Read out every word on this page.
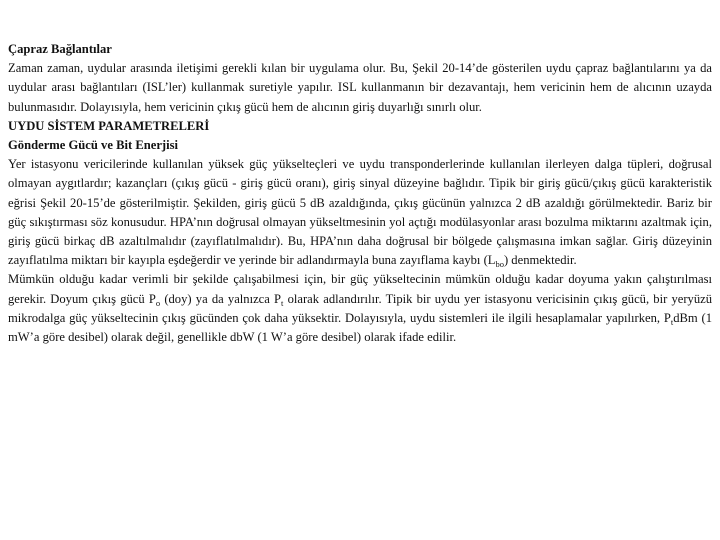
Çapraz Bağlantılar

Zaman zaman, uydular arasında iletişimi gerekli kılan bir uygulama olur. Bu, Şekil 20-14’de gösterilen uydu çapraz bağlantılarını ya da uydular arası bağlantıları (ISL’ler) kullanmak suretiyle yapılır. ISL kullanmanın bir dezavantajı, hem vericinin hem de alıcının uzayda bulunmasıdır. Dolayısıyla, hem vericinin çıkış gücü hem de alıcının giriş duyarlığı sınırlı olur.

UYDU SİSTEM PARAMETRELERİ

Gönderme Gücü ve Bit Enerjisi

Yer istasyonu vericilerinde kullanılan yüksek güç yükselteçleri ve uydu transponderlerinde kullanılan ilerleyen dalga tüpleri, doğrusal olmayan aygıtlardır; kazançları (çıkış gücü - giriş gücü oranı), giriş sinyal düzeyine bağlıdır. Tipik bir giriş gücü/çıkış gücü karakteristik eğrisi Şekil 20-15’de gösterilmiştir. Şekilden, giriş gücü 5 dB azaldığında, çıkış gücünün yalnızca 2 dB azaldığı görülmektedir. Bariz bir güç sıkıştırması söz konusudur. HPA’nın doğrusal olmayan yükseltmesinin yol açtığı modülasyonlar arası bozulma miktarını azaltmak için, giriş gücü birkaç dB azaltılmalıdır (zayıflatılmalıdır). Bu, HPA’nın daha doğrusal bir bölgede çalışmasına imkan sağlar. Giriş düzeyinin zayıflatılma miktarı bir kayıpla eşdeğerdir ve yerinde bir adlandırmayla buna zayıflama kaybı $(L_{bo})$ denmektedir.

Mümkün olduğu kadar verimli bir şekilde çalışabilmesi için, bir güç yükseltecinin mümkün olduğu kadar doyuma yakın çalıştırılması gerekir. Doyum çıkış gücü $P_o$ (doy) ya da yalnızca $P_t$ olarak adlandırılır. Tipik bir uydu yer istasyonu vericisinin çıkış gücü, bir yeryüzü mikrodalga güç yükseltecinin çıkış gücünden çok daha yüksektir. Dolayısıyla, uydu sistemleri ile ilgili hesaplamalar yapılırken, $P_tdBm$ (1 mW’a göre desibel) olarak değil, genellikle dbW (1 W’a göre desibel) olarak ifade edilir.
